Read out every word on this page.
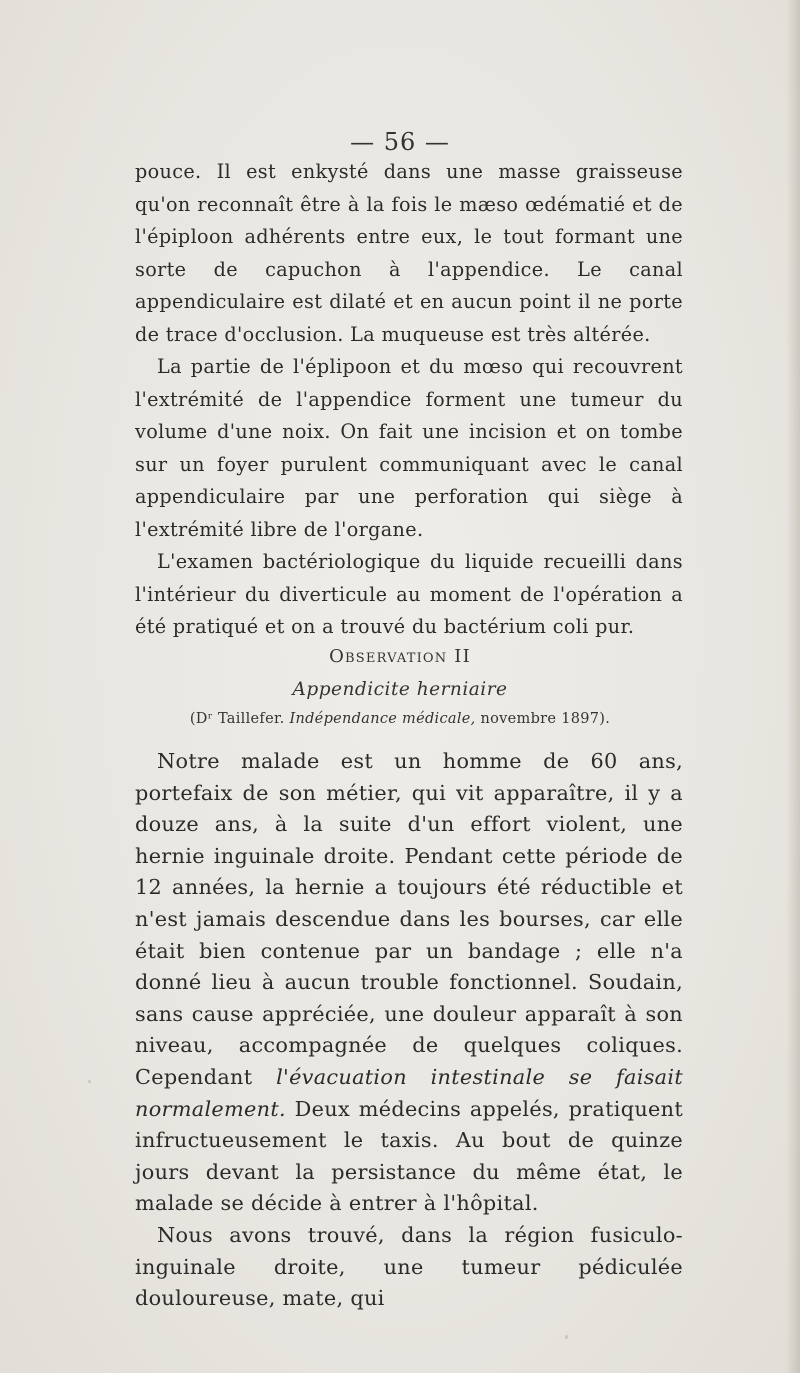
— 56 —

pouce. Il est enkysté dans une masse graisseuse qu'on reconnaît être à la fois le mæso œdématié et de l'épiploon adhérents entre eux, le tout formant une sorte de capuchon à l'appendice. Le canal appendiculaire est dilaté et en aucun point il ne porte de trace d'occlusion. La muqueuse est très altérée.

La partie de l'éplipoon et du mœso qui recouvrent l'extrémité de l'appendice forment une tumeur du volume d'une noix. On fait une incision et on tombe sur un foyer purulent communiquant avec le canal appendiculaire par une perforation qui siège à l'extrémité libre de l'organe.

L'examen bactériologique du liquide recueilli dans l'intérieur du diverticule au moment de l'opération a été pratiqué et on a trouvé du bactérium coli pur.

Observation II
Appendicite herniaire
(Dʳ Taillefer. Indépendance médicale, novembre 1897).

Notre malade est un homme de 60 ans, portefaix de son métier, qui vit apparaître, il y a douze ans, à la suite d'un effort violent, une hernie inguinale droite. Pendant cette période de 12 années, la hernie a toujours été réductible et n'est jamais descendue dans les bourses, car elle était bien contenue par un bandage ; elle n'a donné lieu à aucun trouble fonctionnel. Soudain, sans cause appréciée, une douleur apparaît à son niveau, accompagnée de quelques coliques. Cependant l'évacuation intestinale se faisait normalement. Deux médecins appelés, pratiquent infructueusement le taxis. Au bout de quinze jours devant la persistance du même état, le malade se décide à entrer à l'hôpital.

Nous avons trouvé, dans la région fusiculo-inguinale droite, une tumeur pédiculée douloureuse, mate, qui
